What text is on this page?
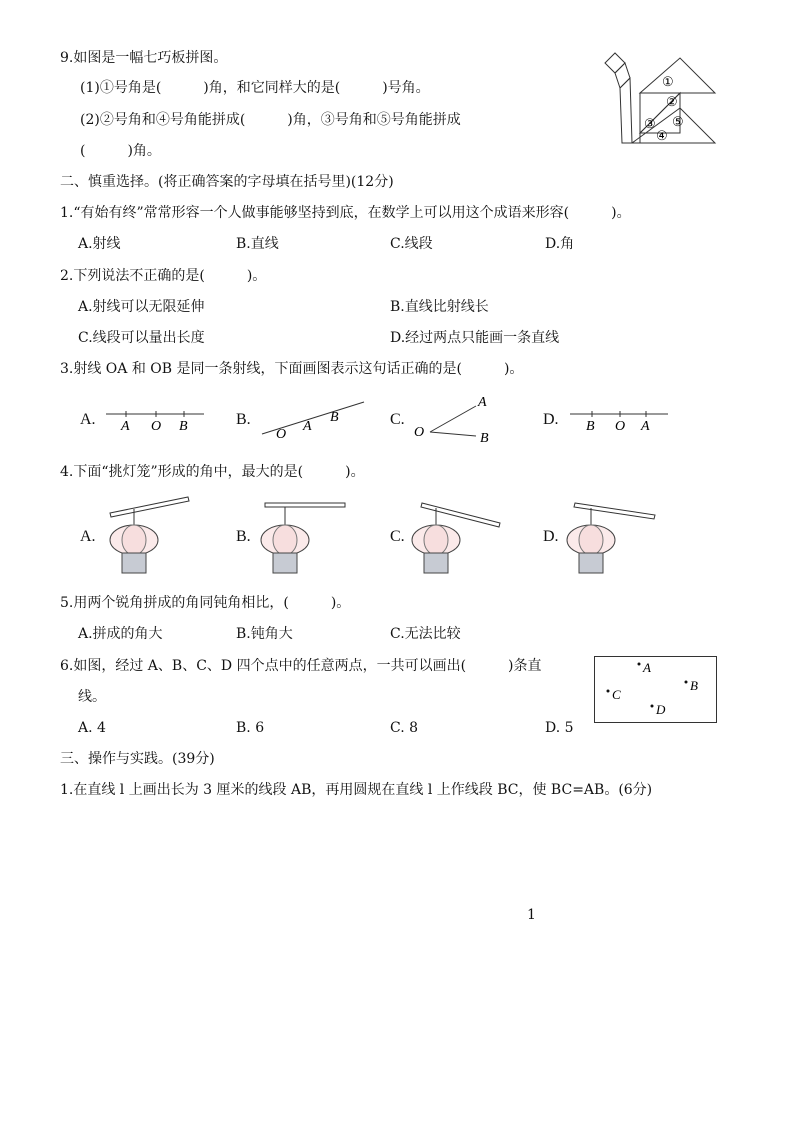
9.如图是一幅七巧板拼图。
(1)①号角是(　　　)角，和它同样大的是(　　　)号角。
(2)②号角和④号角能拼成(　　　)角，③号角和⑤号角能拼成
(　　　)角。
①
②
③
④
⑤
二、慎重选择。(将正确答案的字母填在括号里)(12分)
1.“有始有终”常常形容一个人做事能够坚持到底，在数学上可以用这个成语来形容(　　　)。
A.射线	B.直线	C.线段	D.角
2.下列说法不正确的是(　　　)。
A.射线可以无限延伸	B.直线比射线长
C.线段可以量出长度	D.经过两点只能画一条直线
3.射线 OA 和 OB 是同一条射线，下面画图表示这句话正确的是(　　　)。
A. A O B	B.
O
A
B	C.
O
A
B
D. B O A
4.下面“挑灯笼”形成的角中，最大的是(　　　)。
A.	B.	C.	D.
5.用两个锐角拼成的角同钝角相比，(　　　)。
A.拼成的角大	B.钝角大	C.无法比较
6.如图，经过 A、B、C、D 四个点中的任意两点，一共可以画出(　　　)条直
线。
A. 4	B. 6	C. 8	D. 5
A
B
C
D
三、操作与实践。(39分)
1.在直线 l 上画出长为 3 厘米的线段 AB，再用圆规在直线 l 上作线段 BC，使 BC=AB。(6分)
1
